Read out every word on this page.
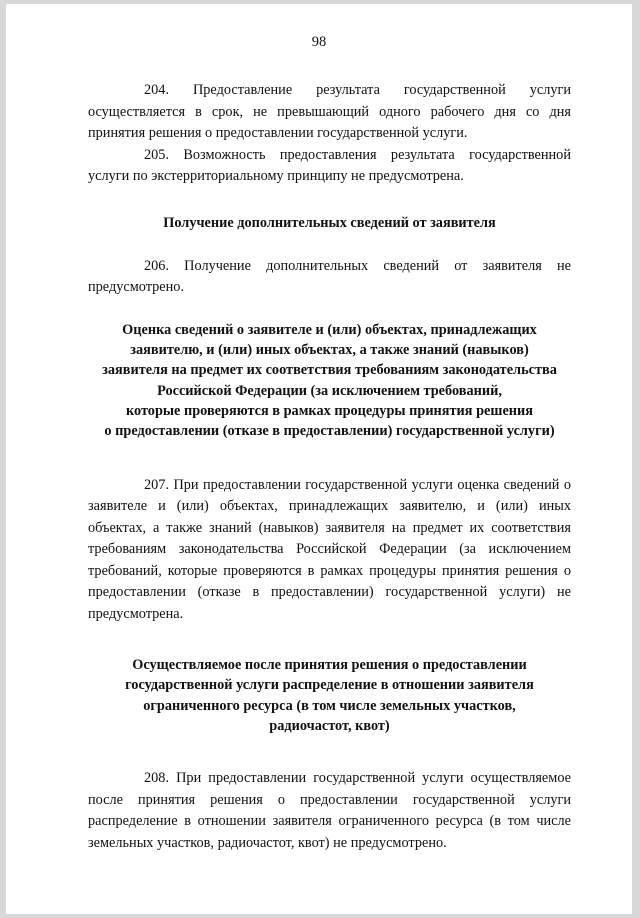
98

204. Предоставление результата государственной услуги осуществляется в срок, не превышающий одного рабочего дня со дня принятия решения о предоставлении государственной услуги.

205. Возможность предоставления результата государственной услуги по экстерриториальному принципу не предусмотрена.

Получение дополнительных сведений от заявителя

206. Получение дополнительных сведений от заявителя не предусмотрено.

Оценка сведений о заявителе и (или) объектах, принадлежащих
заявителю, и (или) иных объектах, а также знаний (навыков)
заявителя на предмет их соответствия требованиям законодательства
Российской Федерации (за исключением требований,
которые проверяются в рамках процедуры принятия решения
о предоставлении (отказе в предоставлении) государственной услуги)

207. При предоставлении государственной услуги оценка сведений о заявителе и (или) объектах, принадлежащих заявителю, и (или) иных объектах, а также знаний (навыков) заявителя на предмет их соответствия требованиям законодательства Российской Федерации (за исключением требований, которые проверяются в рамках процедуры принятия решения о предоставлении (отказе в предоставлении) государственной услуги) не предусмотрена.

Осуществляемое после принятия решения о предоставлении
государственной услуги распределение в отношении заявителя
ограниченного ресурса (в том числе земельных участков,
радиочастот, квот)

208. При предоставлении государственной услуги осуществляемое после принятия решения о предоставлении государственной услуги распределение в отношении заявителя ограниченного ресурса (в том числе земельных участков, радиочастот, квот) не предусмотрено.
